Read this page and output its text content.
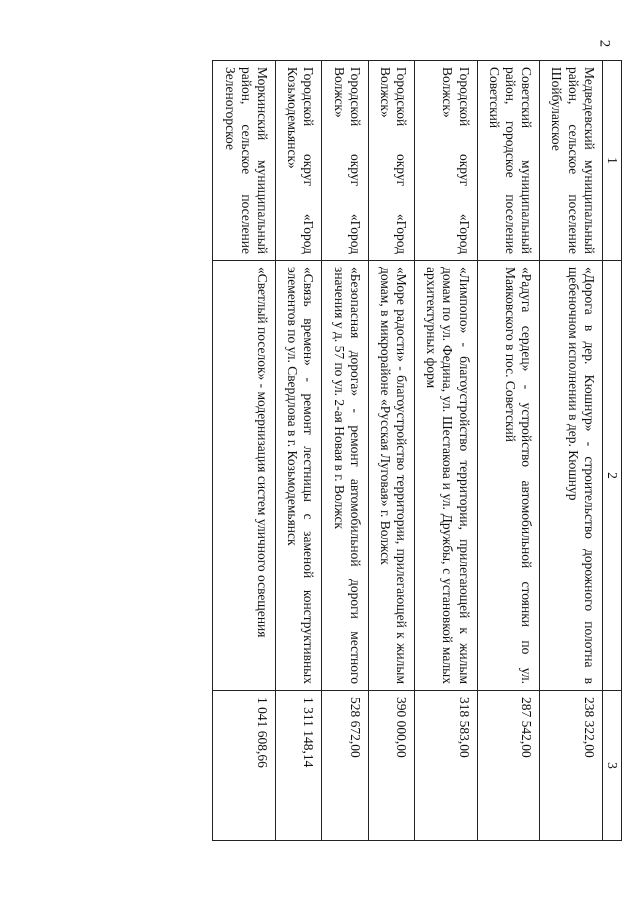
2
1	2	3
Медведевский муниципальный район, сельское поселение Шойбулакское	«Дорога в дер. Кюшнур» - строительство дорожного полотна в щебеночном исполнении в дер. Кюшнур	238 322,00
Советский муниципальный район, городское поселение Советский	«Радуга сердец» - устройство автомобильной стоянки по ул. Маяковского в пос. Советский	287 542,00
Городской округ «Город Волжск»	«Лимпопо» - благоустройство территории, прилегающей к жилым домам по ул. Федина, ул. Шестакова и ул. Дружбы, с установкой малых архитектурных форм	318 583,00
Городской округ «Город Волжск»	«Море радости» - благоустройство территории, прилегающей к жилым домам, в микрорайоне «Русская Луговая» г. Волжск	390 000,00
Городской округ «Город Волжск»	«Безопасная дорога» - ремонт автомобильной дороги местного значения у д. 57 по ул. 2-ая Новая в г. Волжск	528 672,00
Городской округ «Город Козьмодемьянск»	«Связь времен» - ремонт лестницы с заменой конструктивных элементов по ул. Свердлова в г. Козьмодемьянск	1 311 148,14
Моркинский муниципальный район, сельское поселение Зеленогорское	«Светлый поселок» - модернизация систем уличного освещения	1 041 608,66
